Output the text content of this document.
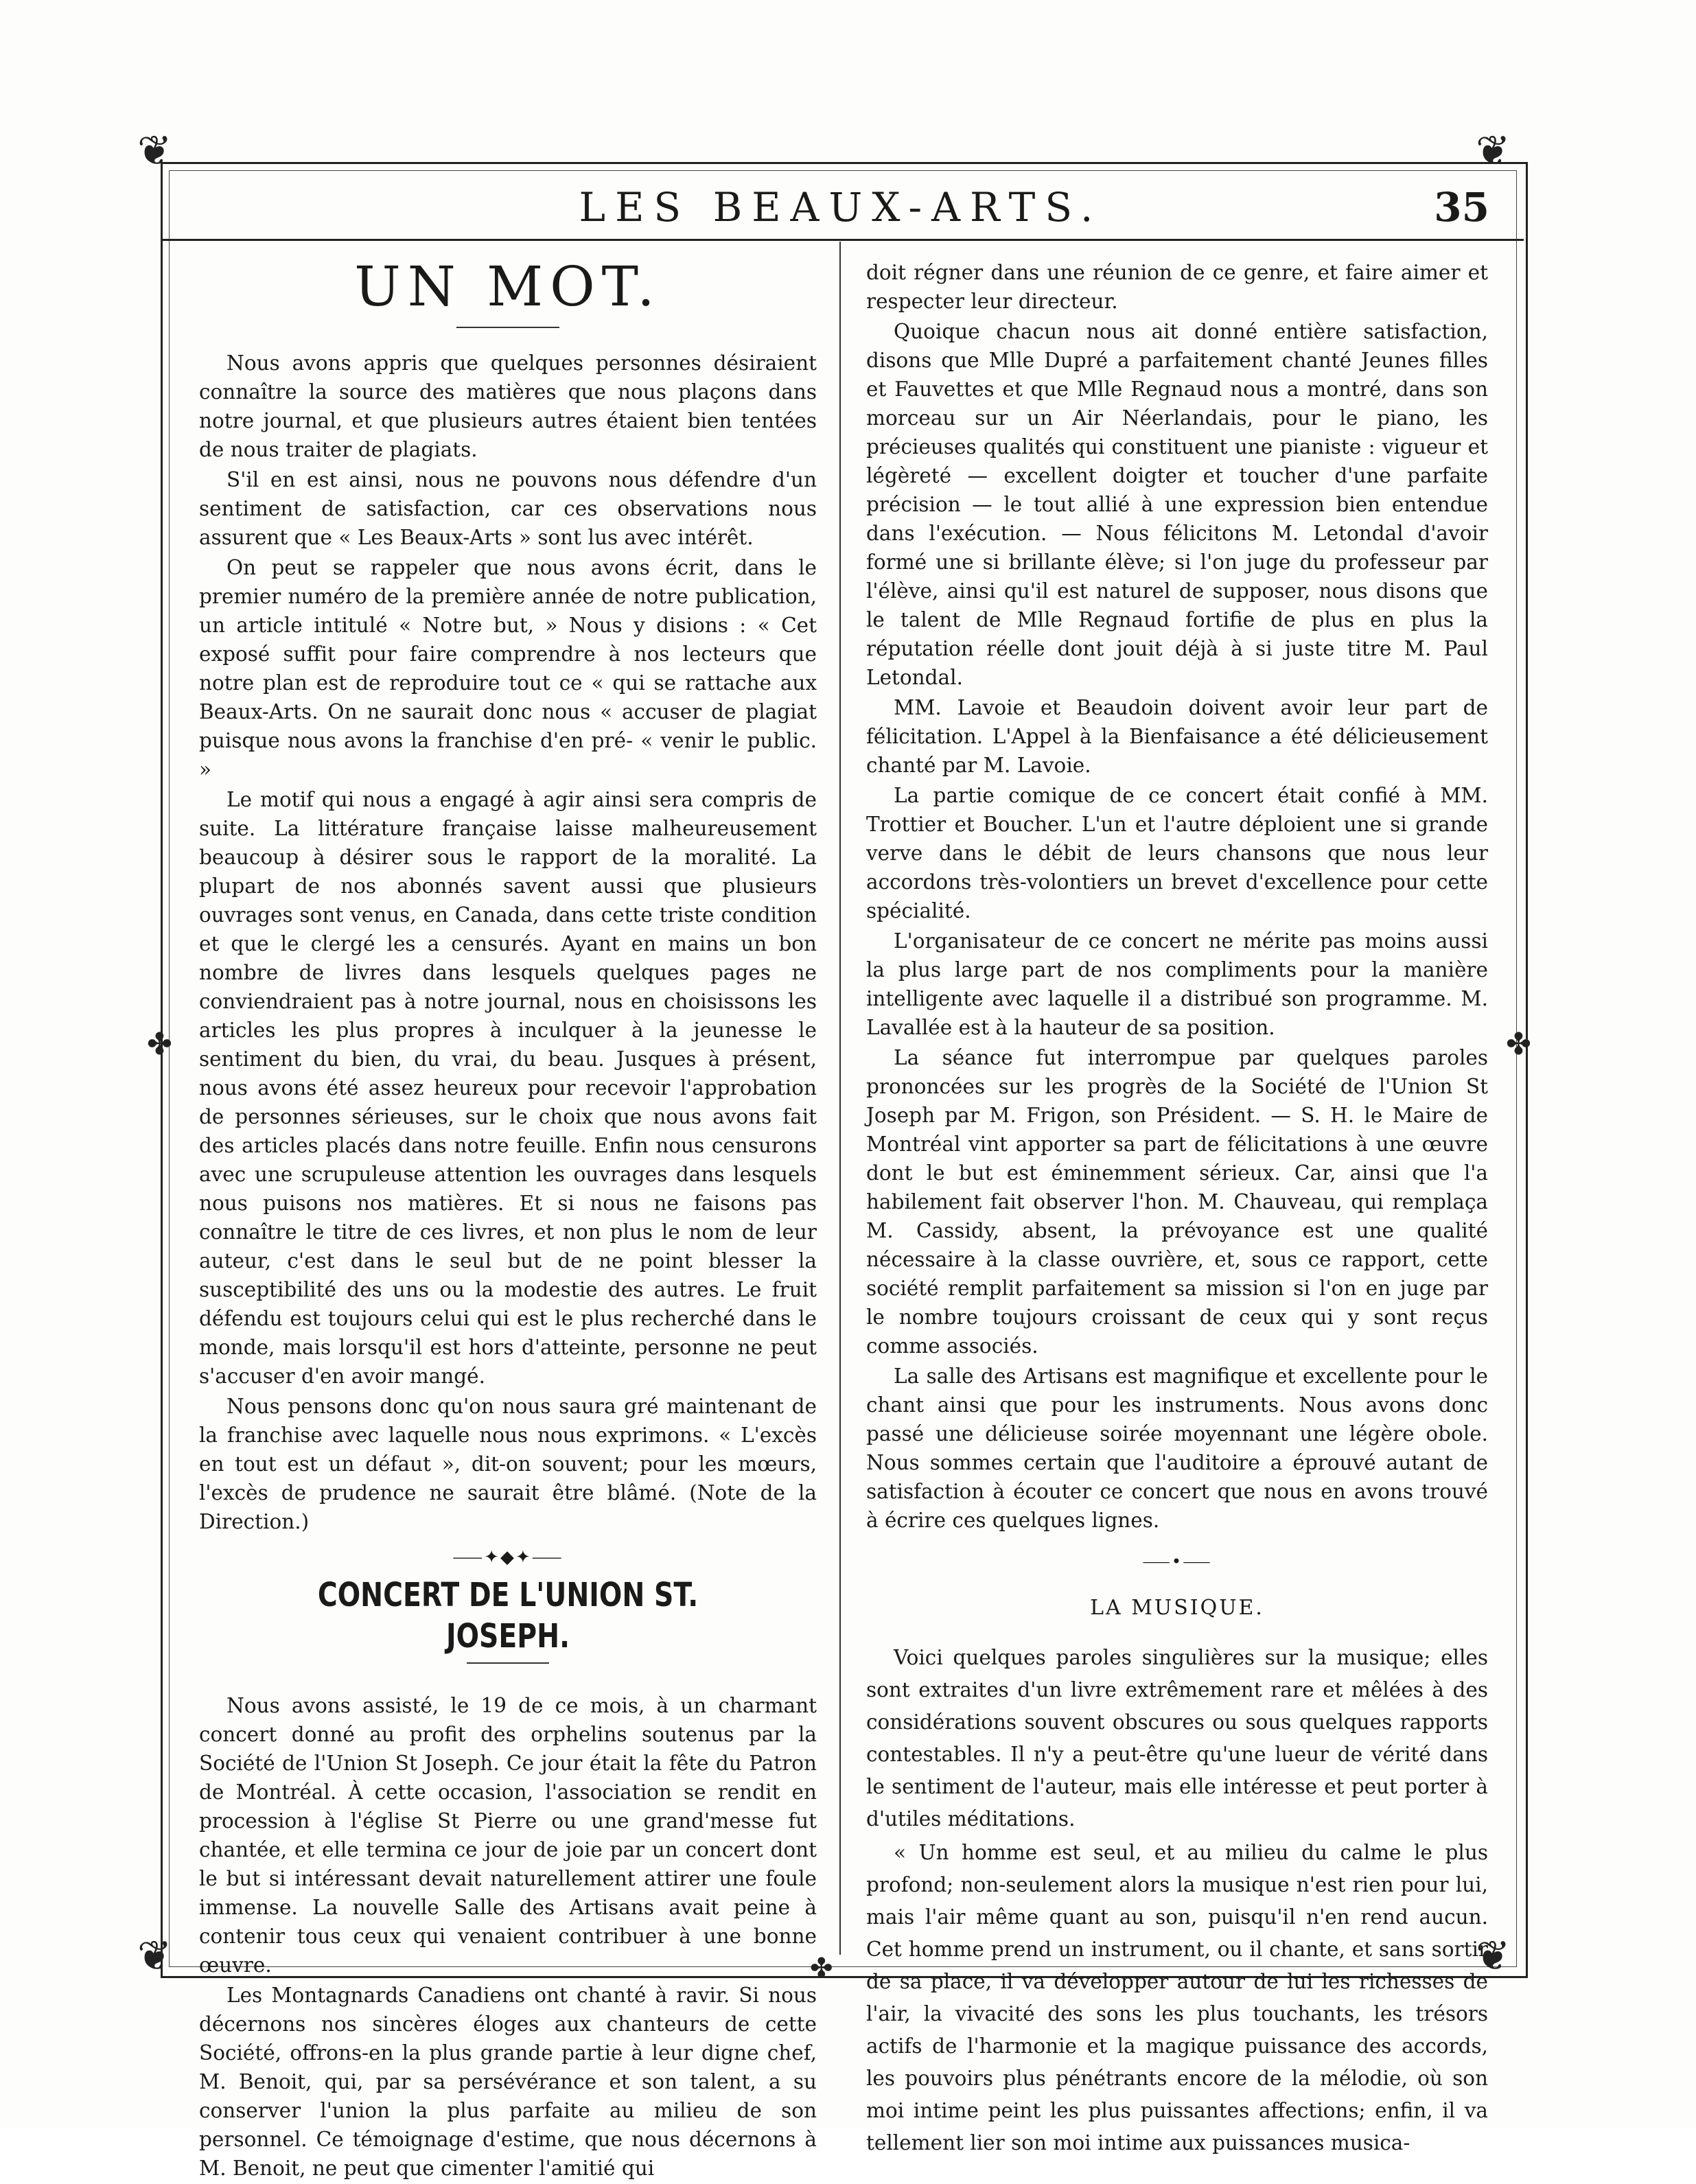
❦	❦
❦	❦
✤	✤
✤
LES BEAUX-ARTS.	35
UN MOT.

Nous avons appris que quelques personnes désiraient connaître la source des matières que nous plaçons dans notre journal, et que plusieurs autres étaient bien tentées de nous traiter de plagiats.

S'il en est ainsi, nous ne pouvons nous défendre d'un sentiment de satisfaction, car ces observations nous assurent que « Les Beaux-Arts » sont lus avec intérêt.

On peut se rappeler que nous avons écrit, dans le premier numéro de la première année de notre publication, un article intitulé « Notre but, » Nous y disions : « Cet exposé suffit pour faire comprendre à nos lecteurs que notre plan est de reproduire tout ce « qui se rattache aux Beaux-Arts. On ne saurait donc nous « accuser de plagiat puisque nous avons la franchise d'en pré- « venir le public. »

Le motif qui nous a engagé à agir ainsi sera compris de suite. La littérature française laisse malheureusement beaucoup à désirer sous le rapport de la moralité. La plupart de nos abonnés savent aussi que plusieurs ouvrages sont venus, en Canada, dans cette triste condition et que le clergé les a censurés. Ayant en mains un bon nombre de livres dans lesquels quelques pages ne conviendraient pas à notre journal, nous en choisissons les articles les plus propres à inculquer à la jeunesse le sentiment du bien, du vrai, du beau. Jusques à présent, nous avons été assez heureux pour recevoir l'approbation de personnes sérieuses, sur le choix que nous avons fait des articles placés dans notre feuille. Enfin nous censurons avec une scrupuleuse attention les ouvrages dans lesquels nous puisons nos matières. Et si nous ne faisons pas connaître le titre de ces livres, et non plus le nom de leur auteur, c'est dans le seul but de ne point blesser la susceptibilité des uns ou la modestie des autres. Le fruit défendu est toujours celui qui est le plus recherché dans le monde, mais lorsqu'il est hors d'atteinte, personne ne peut s'accuser d'en avoir mangé.

Nous pensons donc qu'on nous saura gré maintenant de la franchise avec laquelle nous nous exprimons. « L'excès en tout est un défaut », dit-on souvent; pour les mœurs, l'excès de prudence ne saurait être blâmé. (Note de la Direction.)

⸺✦◆✦⸺
CONCERT DE L'UNION ST. JOSEPH.

Nous avons assisté, le 19 de ce mois, à un charmant concert donné au profit des orphelins soutenus par la Société de l'Union St Joseph. Ce jour était la fête du Patron de Montréal. À cette occasion, l'association se rendit en procession à l'église St Pierre ou une grand'messe fut chantée, et elle termina ce jour de joie par un concert dont le but si intéressant devait naturellement attirer une foule immense. La nouvelle Salle des Artisans avait peine à contenir tous ceux qui venaient contribuer à une bonne œuvre.

Les Montagnards Canadiens ont chanté à ravir. Si nous décernons nos sincères éloges aux chanteurs de cette Société, offrons-en la plus grande partie à leur digne chef, M. Benoit, qui, par sa persévérance et son talent, a su conserver l'union la plus parfaite au milieu de son personnel. Ce témoignage d'estime, que nous décernons à M. Benoit, ne peut que cimenter l'amitié qui

doit régner dans une réunion de ce genre, et faire aimer et respecter leur directeur.

Quoique chacun nous ait donné entière satisfaction, disons que Mlle Dupré a parfaitement chanté Jeunes filles et Fauvettes et que Mlle Regnaud nous a montré, dans son morceau sur un Air Néerlandais, pour le piano, les précieuses qualités qui constituent une pianiste : vigueur et légèreté — excellent doigter et toucher d'une parfaite précision — le tout allié à une expression bien entendue dans l'exécution. — Nous félicitons M. Letondal d'avoir formé une si brillante élève; si l'on juge du professeur par l'élève, ainsi qu'il est naturel de supposer, nous disons que le talent de Mlle Regnaud fortifie de plus en plus la réputation réelle dont jouit déjà à si juste titre M. Paul Letondal.

MM. Lavoie et Beaudoin doivent avoir leur part de félicitation. L'Appel à la Bienfaisance a été délicieusement chanté par M. Lavoie.

La partie comique de ce concert était confié à MM. Trottier et Boucher. L'un et l'autre déploient une si grande verve dans le débit de leurs chansons que nous leur accordons très-volontiers un brevet d'excellence pour cette spécialité.

L'organisateur de ce concert ne mérite pas moins aussi la plus large part de nos compliments pour la manière intelligente avec laquelle il a distribué son programme. M. Lavallée est à la hauteur de sa position.

La séance fut interrompue par quelques paroles prononcées sur les progrès de la Société de l'Union St Joseph par M. Frigon, son Président. — S. H. le Maire de Montréal vint apporter sa part de félicitations à une œuvre dont le but est éminemment sérieux. Car, ainsi que l'a habilement fait observer l'hon. M. Chauveau, qui remplaça M. Cassidy, absent, la prévoyance est une qualité nécessaire à la classe ouvrière, et, sous ce rapport, cette société remplit parfaitement sa mission si l'on en juge par le nombre toujours croissant de ceux qui y sont reçus comme associés.

La salle des Artisans est magnifique et excellente pour le chant ainsi que pour les instruments. Nous avons donc passé une délicieuse soirée moyennant une légère obole. Nous sommes certain que l'auditoire a éprouvé autant de satisfaction à écouter ce concert que nous en avons trouvé à écrire ces quelques lignes.

⸺•⸺
LA MUSIQUE.

Voici quelques paroles singulières sur la musique; elles sont extraites d'un livre extrêmement rare et mêlées à des considérations souvent obscures ou sous quelques rapports contestables. Il n'y a peut-être qu'une lueur de vérité dans le sentiment de l'auteur, mais elle intéresse et peut porter à d'utiles méditations.

« Un homme est seul, et au milieu du calme le plus profond; non-seulement alors la musique n'est rien pour lui, mais l'air même quant au son, puisqu'il n'en rend aucun. Cet homme prend un instrument, ou il chante, et sans sortir de sa place, il va développer autour de lui les richesses de l'air, la vivacité des sons les plus touchants, les trésors actifs de l'harmonie et la magique puissance des accords, les pouvoirs plus pénétrants encore de la mélodie, où son moi intime peint les plus puissantes affections; enfin, il va tellement lier son moi intime aux puissances musica-
